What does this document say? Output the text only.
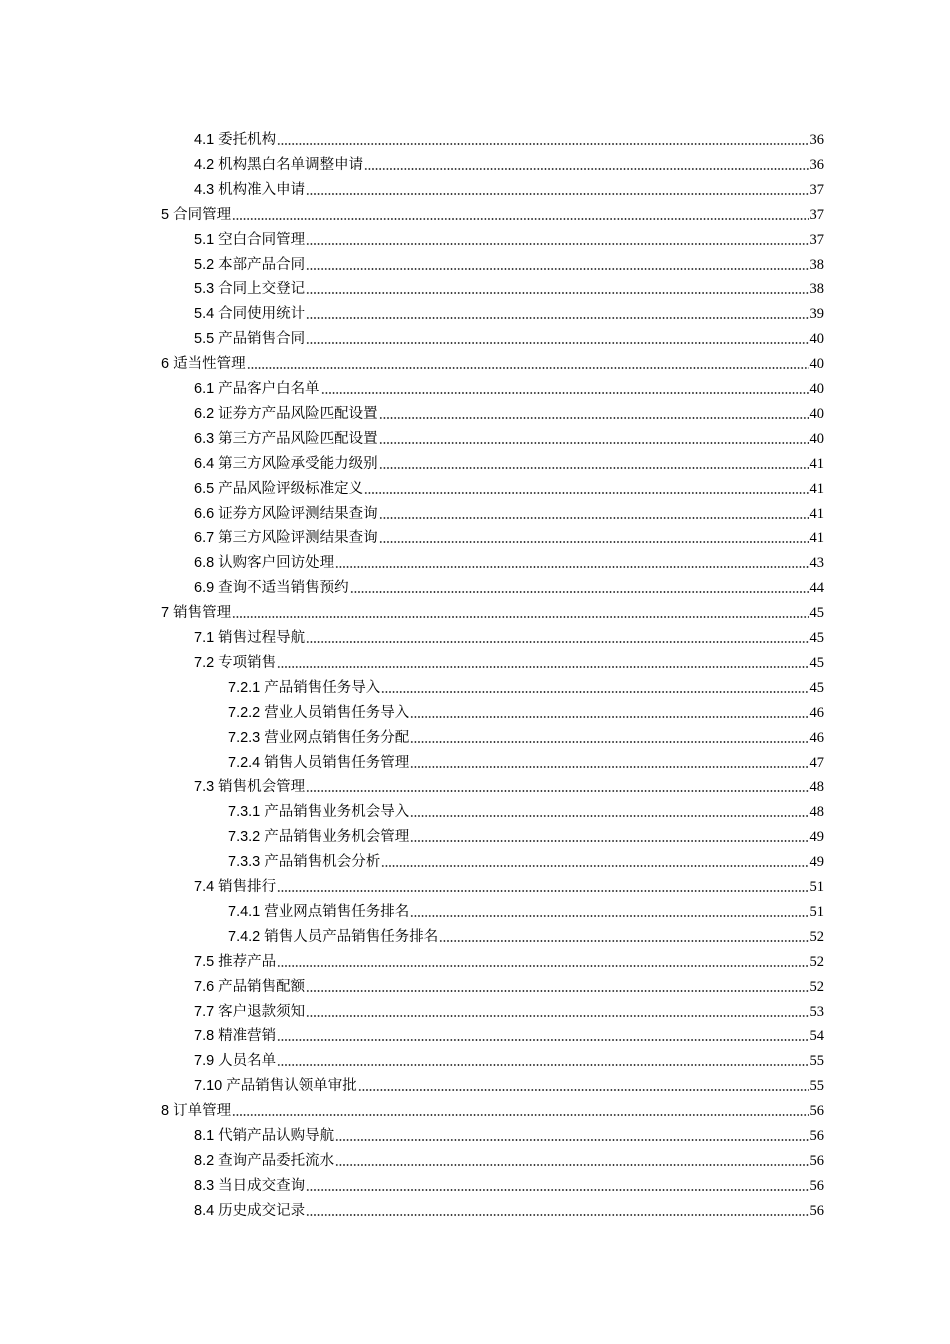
4.1 委托机构	36
4.2 机构黑白名单调整申请	36
4.3 机构准入申请	37
5 合同管理	37
5.1 空白合同管理	37
5.2 本部产品合同	38
5.3 合同上交登记	38
5.4 合同使用统计	39
5.5 产品销售合同	40
6 适当性管理	40
6.1 产品客户白名单	40
6.2 证券方产品风险匹配设置	40
6.3 第三方产品风险匹配设置	40
6.4 第三方风险承受能力级别	41
6.5 产品风险评级标准定义	41
6.6 证券方风险评测结果查询	41
6.7 第三方风险评测结果查询	41
6.8 认购客户回访处理	43
6.9 查询不适当销售预约	44
7 销售管理	45
7.1 销售过程导航	45
7.2 专项销售	45
7.2.1 产品销售任务导入	45
7.2.2 营业人员销售任务导入	46
7.2.3 营业网点销售任务分配	46
7.2.4 销售人员销售任务管理	47
7.3 销售机会管理	48
7.3.1 产品销售业务机会导入	48
7.3.2 产品销售业务机会管理	49
7.3.3 产品销售机会分析	49
7.4 销售排行	51
7.4.1 营业网点销售任务排名	51
7.4.2 销售人员产品销售任务排名	52
7.5 推荐产品	52
7.6 产品销售配额	52
7.7 客户退款须知	53
7.8 精准营销	54
7.9 人员名单	55
7.10 产品销售认领单审批	55
8 订单管理	56
8.1 代销产品认购导航	56
8.2 查询产品委托流水	56
8.3 当日成交查询	56
8.4 历史成交记录	56
